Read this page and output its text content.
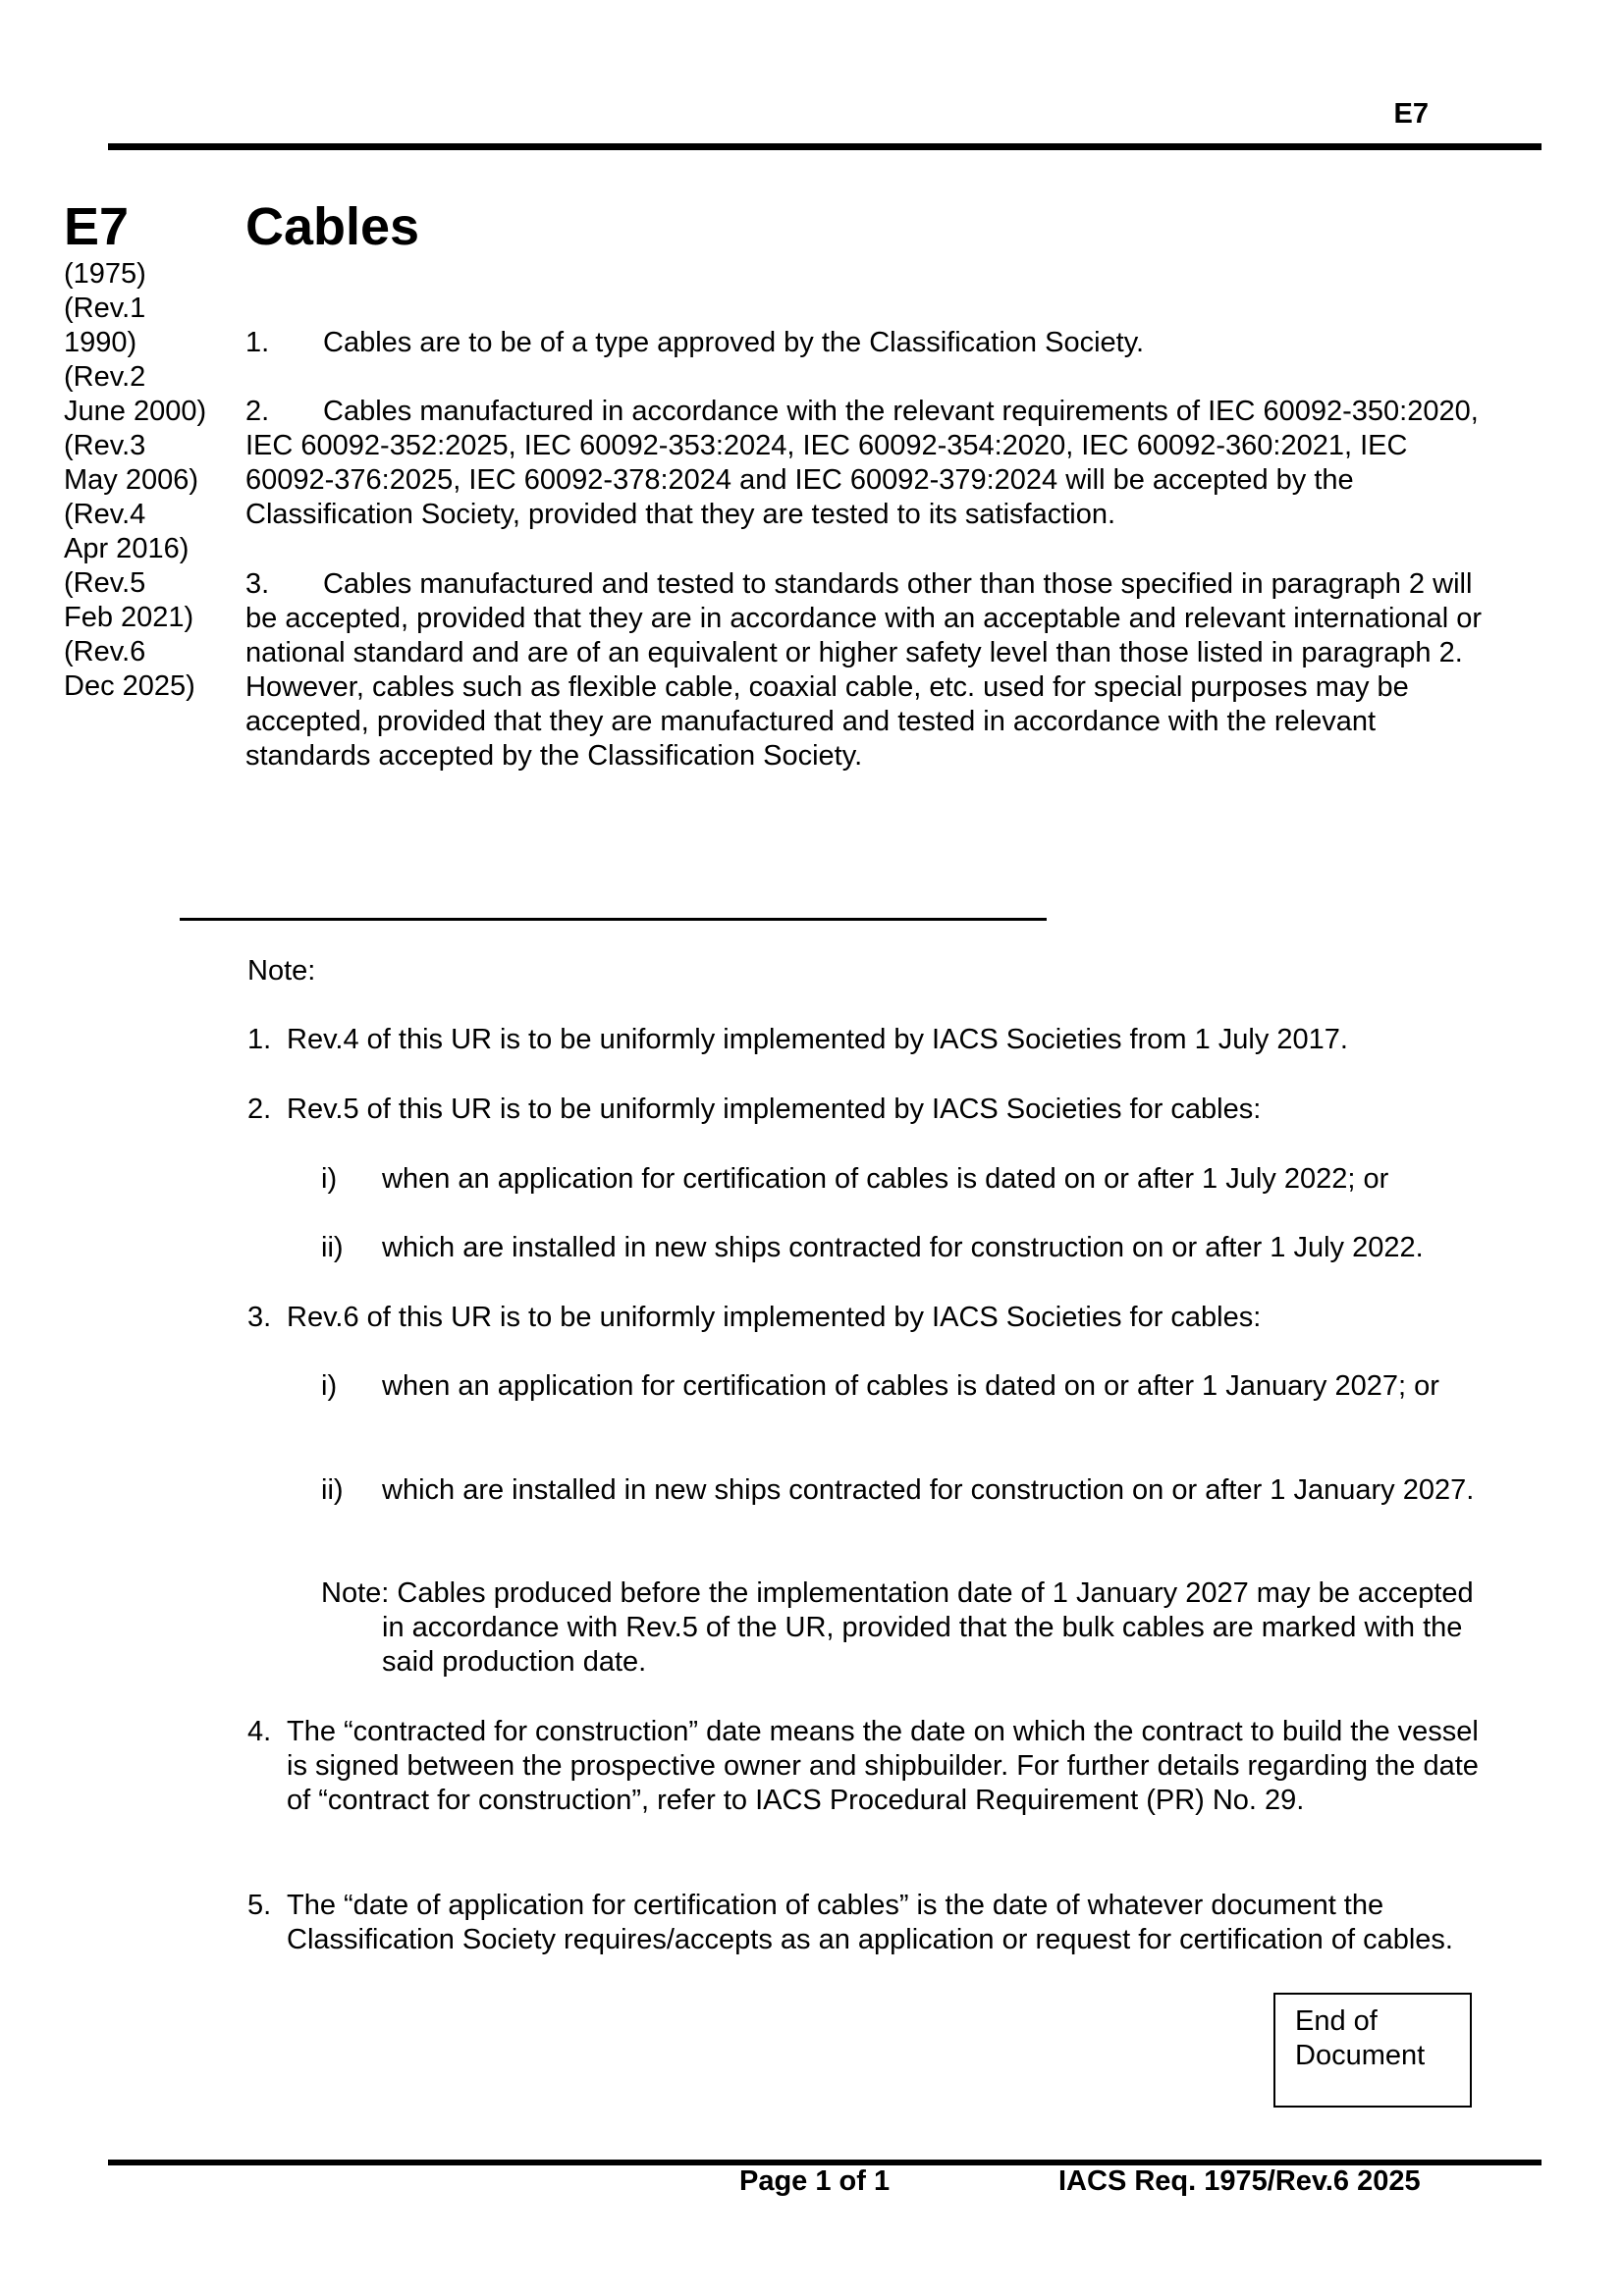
E7
E7
(1975)
(Rev.1
1990)
(Rev.2
June 2000)
(Rev.3
May 2006)
(Rev.4
Apr 2016)
(Rev.5
Feb 2021)
(Rev.6
Dec 2025)
Cables
1. Cables are to be of a type approved by the Classification Society.
2. Cables manufactured in accordance with the relevant requirements of IEC 60092-350:2020, IEC 60092-352:2025, IEC 60092-353:2024, IEC 60092-354:2020, IEC 60092-360:2021, IEC 60092-376:2025, IEC 60092-378:2024 and IEC 60092-379:2024 will be accepted by the Classification Society, provided that they are tested to its satisfaction.
3. Cables manufactured and tested to standards other than those specified in paragraph 2 will be accepted, provided that they are in accordance with an acceptable and relevant international or national standard and are of an equivalent or higher safety level than those listed in paragraph 2. However, cables such as flexible cable, coaxial cable, etc. used for special purposes may be accepted, provided that they are manufactured and tested in accordance with the relevant standards accepted by the Classification Society.
Note:
1. Rev.4 of this UR is to be uniformly implemented by IACS Societies from 1 July 2017.
2. Rev.5 of this UR is to be uniformly implemented by IACS Societies for cables:
i) when an application for certification of cables is dated on or after 1 July 2022; or
ii) which are installed in new ships contracted for construction on or after 1 July 2022.
3. Rev.6 of this UR is to be uniformly implemented by IACS Societies for cables:
i) when an application for certification of cables is dated on or after 1 January 2027; or
ii) which are installed in new ships contracted for construction on or after 1 January 2027.
Note: Cables produced before the implementation date of 1 January 2027 may be accepted in accordance with Rev.5 of the UR, provided that the bulk cables are marked with the said production date.
4. The “contracted for construction” date means the date on which the contract to build the vessel is signed between the prospective owner and shipbuilder. For further details regarding the date of “contract for construction”, refer to IACS Procedural Requirement (PR) No. 29.
5. The “date of application for certification of cables” is the date of whatever document the Classification Society requires/accepts as an application or request for certification of cables.
End of
Document
Page 1 of 1	IACS Req. 1975/Rev.6 2025
